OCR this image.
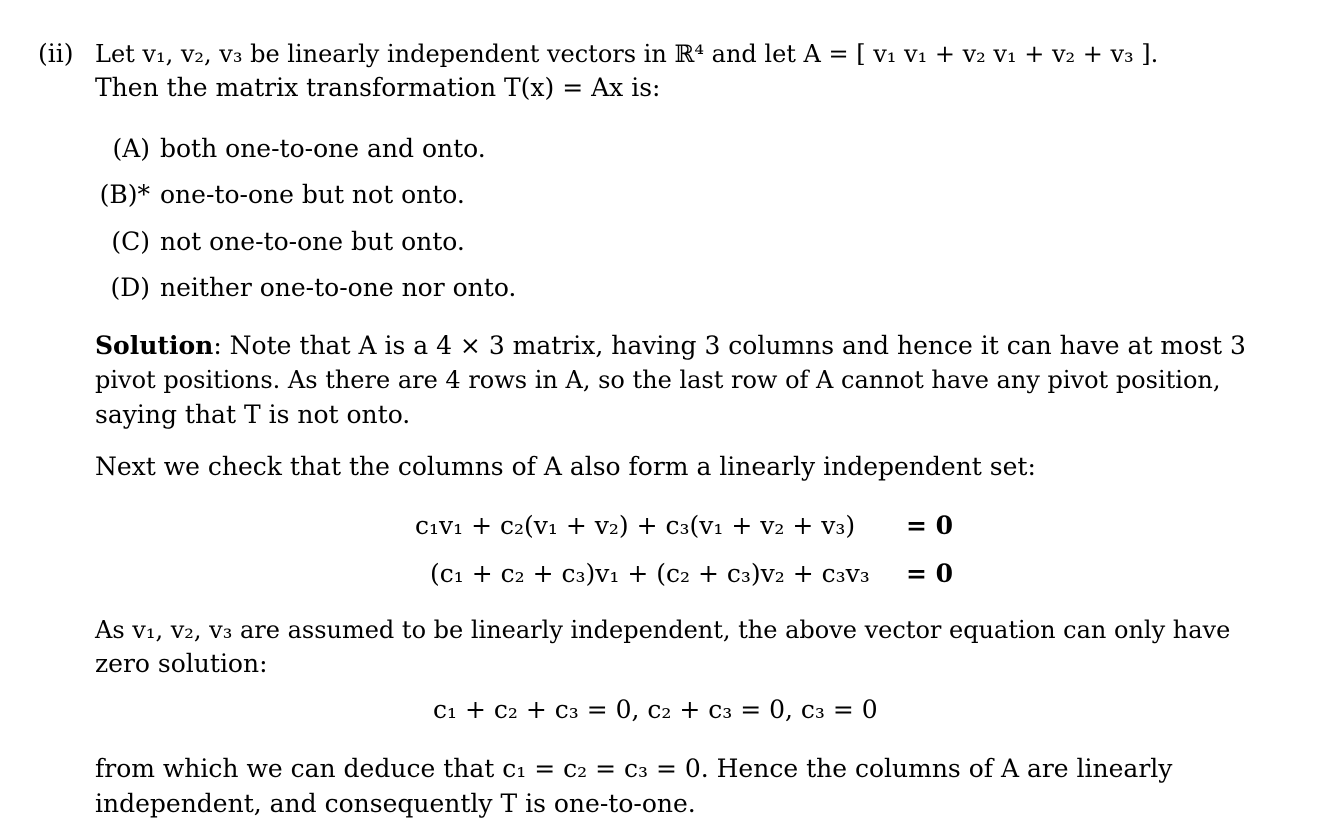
(ii) Let v₁, v₂, v₃ be linearly independent vectors in ℝ⁴ and let A = [ v₁ v₁ + v₂ v₁ + v₂ + v₃ ].
Then the matrix transformation T(x) = Ax is:
(A) both one-to-one and onto.
(B)* one-to-one but not onto.
(C) not one-to-one but onto.
(D) neither one-to-one nor onto.
Solution: Note that A is a 4 × 3 matrix, having 3 columns and hence it can have at most 3
pivot positions. As there are 4 rows in A, so the last row of A cannot have any pivot position,
saying that T is not onto.
Next we check that the columns of A also form a linearly independent set:
c₁v₁ + c₂(v₁ + v₂) + c₃(v₁ + v₂ + v₃) = 0
(c₁ + c₂ + c₃)v₁ + (c₂ + c₃)v₂ + c₃v₃ = 0
As v₁, v₂, v₃ are assumed to be linearly independent, the above vector equation can only have
zero solution:
c₁ + c₂ + c₃ = 0, c₂ + c₃ = 0, c₃ = 0
from which we can deduce that c₁ = c₂ = c₃ = 0. Hence the columns of A are linearly
independent, and consequently T is one-to-one.
